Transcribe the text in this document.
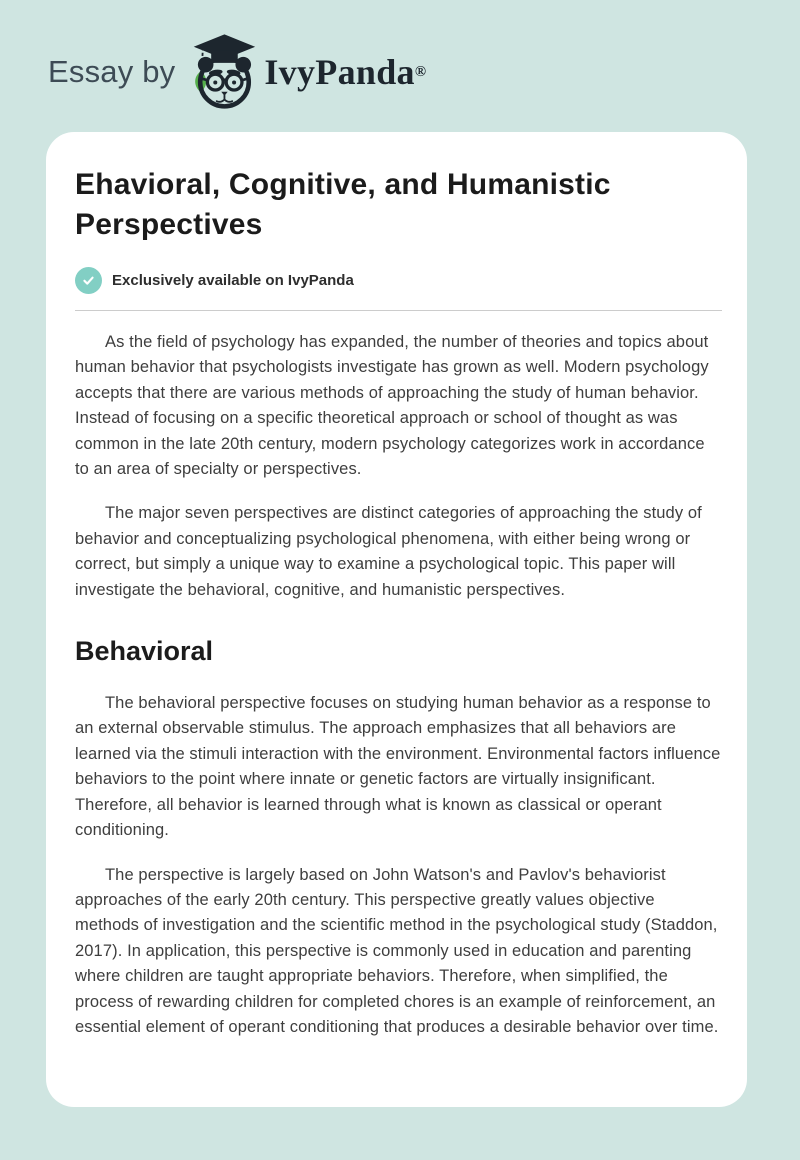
Essay by IvyPanda ®
Ehavioral, Cognitive, and Humanistic Perspectives
Exclusively available on IvyPanda

As the field of psychology has expanded, the number of theories and topics about human behavior that psychologists investigate has grown as well. Modern psychology accepts that there are various methods of approaching the study of human behavior. Instead of focusing on a specific theoretical approach or school of thought as was common in the late 20th century, modern psychology categorizes work in accordance to an area of specialty or perspectives.

The major seven perspectives are distinct categories of approaching the study of behavior and conceptualizing psychological phenomena, with either being wrong or correct, but simply a unique way to examine a psychological topic. This paper will investigate the behavioral, cognitive, and humanistic perspectives.

Behavioral

The behavioral perspective focuses on studying human behavior as a response to an external observable stimulus. The approach emphasizes that all behaviors are learned via the stimuli interaction with the environment. Environmental factors influence behaviors to the point where innate or genetic factors are virtually insignificant. Therefore, all behavior is learned through what is known as classical or operant conditioning.

The perspective is largely based on John Watson's and Pavlov's behaviorist approaches of the early 20th century. This perspective greatly values objective methods of investigation and the scientific method in the psychological study (Staddon, 2017). In application, this perspective is commonly used in education and parenting where children are taught appropriate behaviors. Therefore, when simplified, the process of rewarding children for completed chores is an example of reinforcement, an essential element of operant conditioning that produces a desirable behavior over time.
